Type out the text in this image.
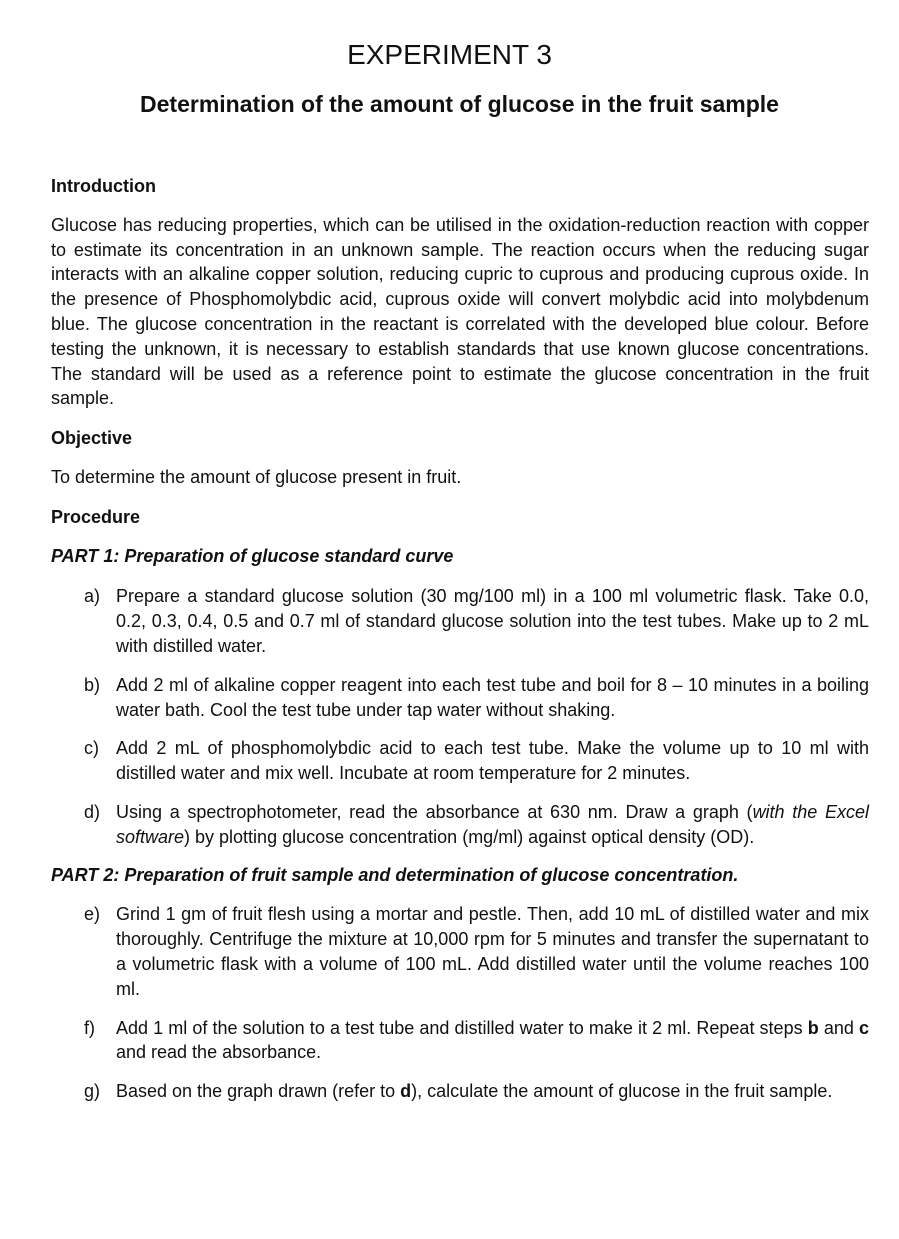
EXPERIMENT 3
Determination of the amount of glucose in the fruit sample

Introduction

Glucose has reducing properties, which can be utilised in the oxidation-reduction reaction with copper to estimate its concentration in an unknown sample. The reaction occurs when the reducing sugar interacts with an alkaline copper solution, reducing cupric to cuprous and producing cuprous oxide. In the presence of Phosphomolybdic acid, cuprous oxide will convert molybdic acid into molybdenum blue. The glucose concentration in the reactant is correlated with the developed blue colour. Before testing the unknown, it is necessary to establish standards that use known glucose concentrations. The standard will be used as a reference point to estimate the glucose concentration in the fruit sample.

Objective

To determine the amount of glucose present in fruit.

Procedure

PART 1: Preparation of glucose standard curve

a) Prepare a standard glucose solution (30 mg/100 ml) in a 100 ml volumetric flask. Take 0.0, 0.2, 0.3, 0.4, 0.5 and 0.7 ml of standard glucose solution into the test tubes. Make up to 2 mL with distilled water.
b) Add 2 ml of alkaline copper reagent into each test tube and boil for 8 – 10 minutes in a boiling water bath. Cool the test tube under tap water without shaking.
c) Add 2 mL of phosphomolybdic acid to each test tube. Make the volume up to 10 ml with distilled water and mix well. Incubate at room temperature for 2 minutes.
d) Using a spectrophotometer, read the absorbance at 630 nm. Draw a graph (with the Excel software) by plotting glucose concentration (mg/ml) against optical density (OD).

PART 2: Preparation of fruit sample and determination of glucose concentration.

e) Grind 1 gm of fruit flesh using a mortar and pestle. Then, add 10 mL of distilled water and mix thoroughly. Centrifuge the mixture at 10,000 rpm for 5 minutes and transfer the supernatant to a volumetric flask with a volume of 100 mL. Add distilled water until the volume reaches 100 ml.
f) Add 1 ml of the solution to a test tube and distilled water to make it 2 ml. Repeat steps b and c and read the absorbance.
g) Based on the graph drawn (refer to d), calculate the amount of glucose in the fruit sample.
